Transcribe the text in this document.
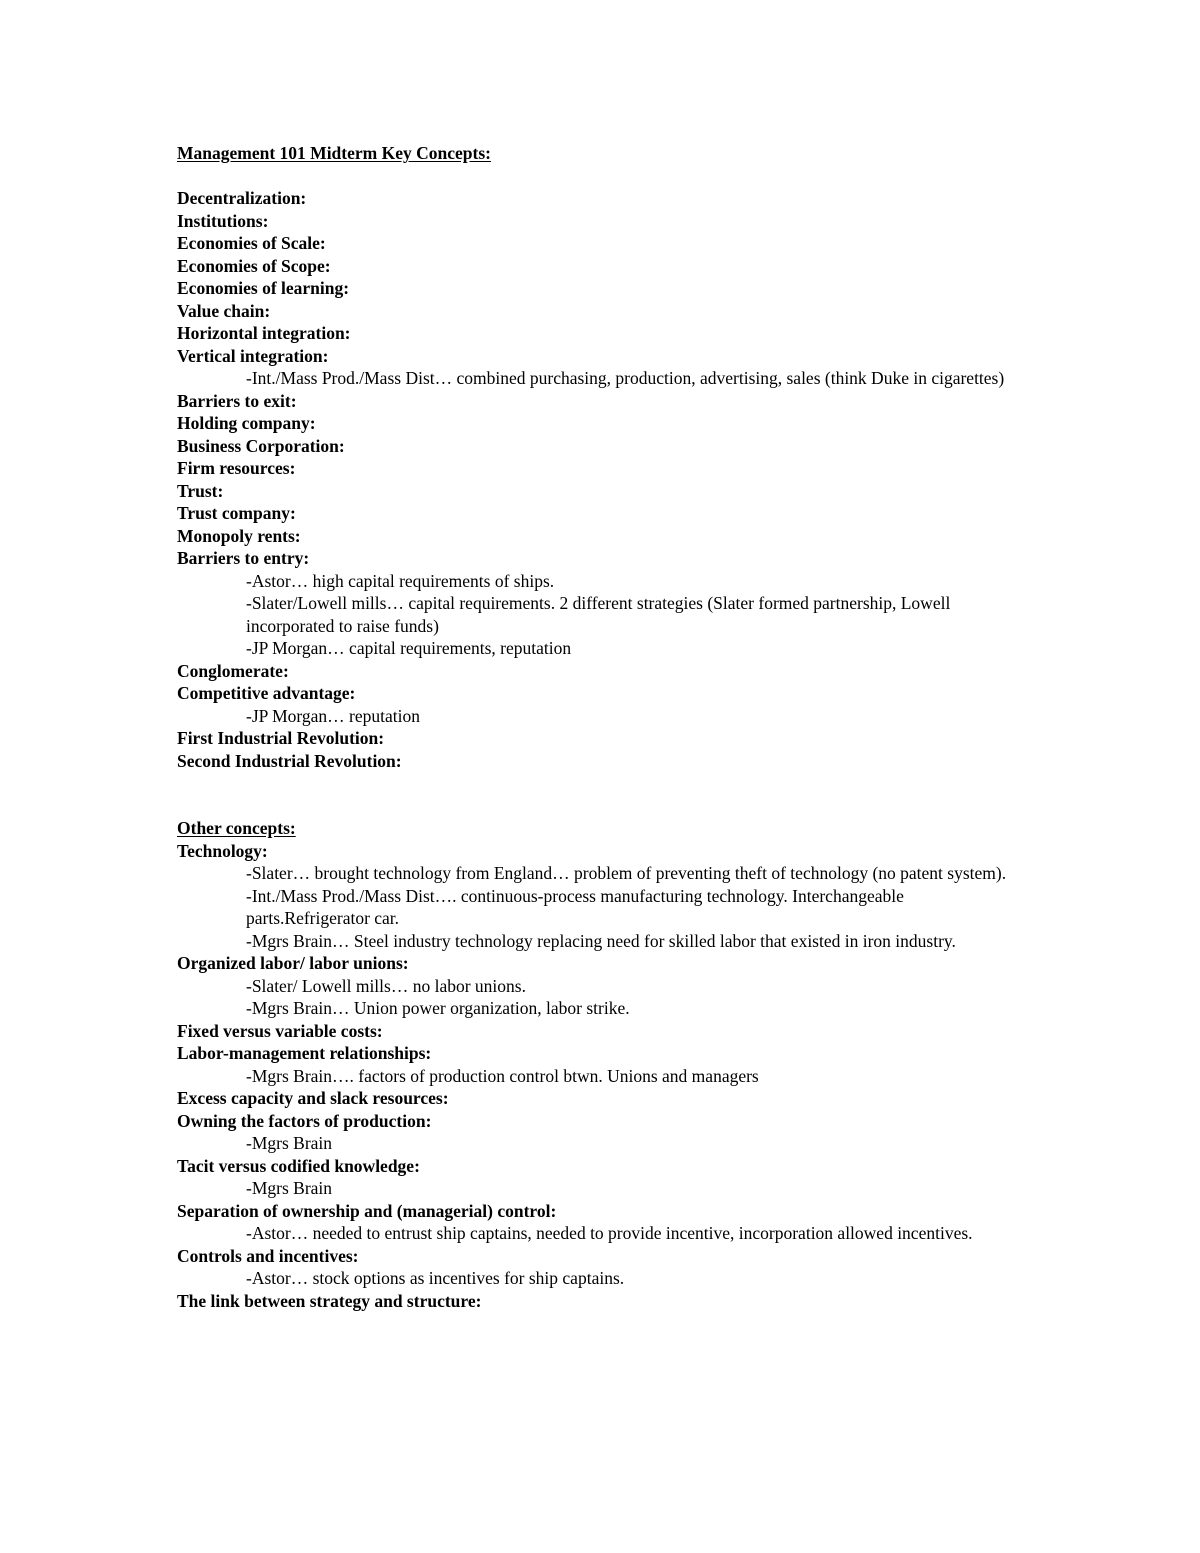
Management 101 Midterm Key Concepts:

Decentralization:

Institutions:

Economies of Scale:

Economies of Scope:

Economies of learning:

Value chain:

Horizontal integration:

Vertical integration:

-Int./Mass Prod./Mass Dist… combined purchasing, production, advertising, sales (think Duke in cigarettes)

Barriers to exit:

Holding company:

Business Corporation:

Firm resources:

Trust:

Trust company:

Monopoly rents:

Barriers to entry:

-Astor… high capital requirements of ships.

-Slater/Lowell mills… capital requirements. 2 different strategies (Slater formed partnership, Lowell incorporated to raise funds)

-JP Morgan… capital requirements, reputation

Conglomerate:

Competitive advantage:

-JP Morgan… reputation

First Industrial Revolution:

Second Industrial Revolution:

Other concepts:

Technology:

-Slater… brought technology from England… problem of preventing theft of technology (no patent system).

-Int./Mass Prod./Mass Dist…. continuous-process manufacturing technology. Interchangeable parts.Refrigerator car.

-Mgrs Brain… Steel industry technology replacing need for skilled labor that existed in iron industry.

Organized labor/ labor unions:

-Slater/ Lowell mills… no labor unions.

-Mgrs Brain… Union power organization, labor strike.

Fixed versus variable costs:

Labor-management relationships:

-Mgrs Brain…. factors of production control btwn. Unions and managers

Excess capacity and slack resources:

Owning the factors of production:

-Mgrs Brain

Tacit versus codified knowledge:

-Mgrs Brain

Separation of ownership and (managerial) control:

-Astor… needed to entrust ship captains, needed to provide incentive, incorporation allowed incentives.

Controls and incentives:

-Astor… stock options as incentives for ship captains.

The link between strategy and structure:
